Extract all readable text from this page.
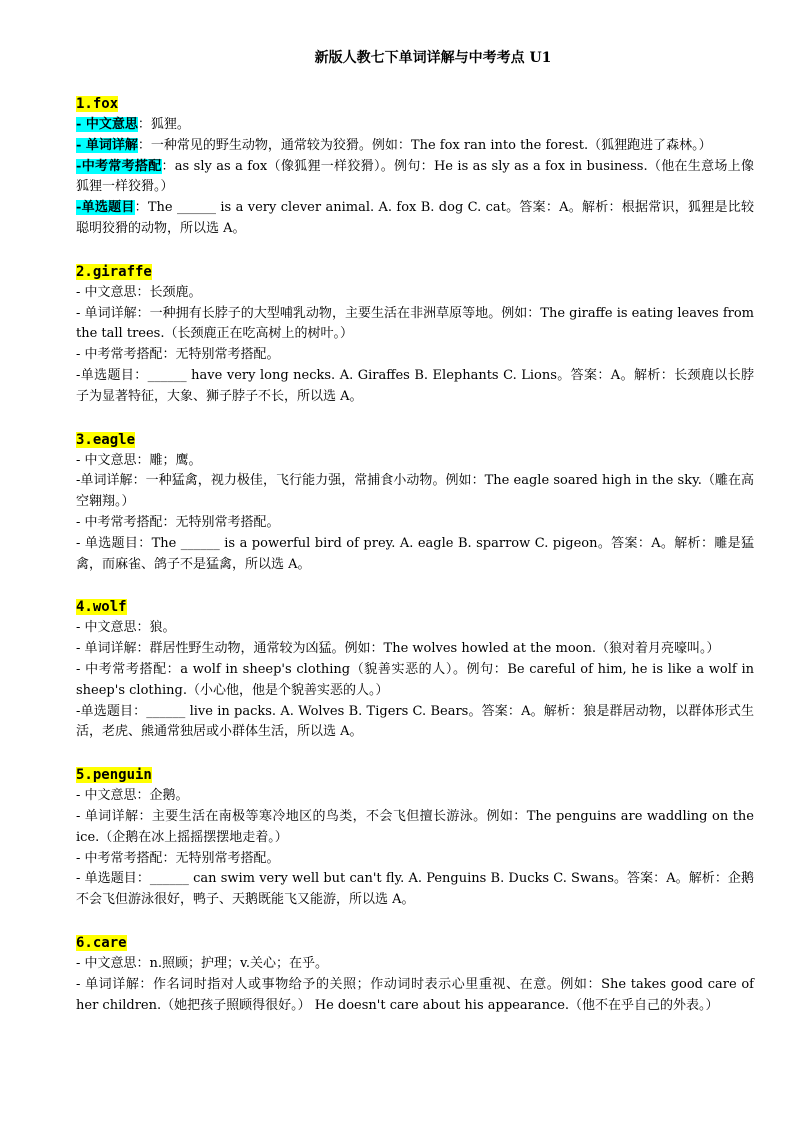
新版人教七下单词详解与中考考点 U1
1.fox

- 中文意思：狐狸。

- 单词详解：一种常见的野生动物，通常较为狡猾。例如：The fox ran into the forest.（狐狸跑进了森林。）

-中考常考搭配：as sly as a fox（像狐狸一样狡猾）。例句：He is as sly as a fox in business.（他在生意场上像狐狸一样狡猾。）

-单选题目：The ______ is a very clever animal. A. fox B. dog C. cat。答案：A。解析：根据常识，狐狸是比较聪明狡猾的动物，所以选 A。

2.giraffe

- 中文意思：长颈鹿。

- 单词详解：一种拥有长脖子的大型哺乳动物，主要生活在非洲草原等地。例如：The giraffe is eating leaves from the tall trees.（长颈鹿正在吃高树上的树叶。）

- 中考常考搭配：无特别常考搭配。

-单选题目：______ have very long necks. A. Giraffes B. Elephants C. Lions。答案：A。解析：长颈鹿以长脖子为显著特征，大象、狮子脖子不长，所以选 A。

3.eagle

- 中文意思：雕；鹰。

-单词详解：一种猛禽，视力极佳，飞行能力强，常捕食小动物。例如：The eagle soared high in the sky.（雕在高空翱翔。）

- 中考常考搭配：无特别常考搭配。

- 单选题目：The ______ is a powerful bird of prey. A. eagle B. sparrow C. pigeon。答案：A。解析：雕是猛禽，而麻雀、鸽子不是猛禽，所以选 A。

4.wolf

- 中文意思：狼。

- 单词详解：群居性野生动物，通常较为凶猛。例如：The wolves howled at the moon.（狼对着月亮嚎叫。）

- 中考常考搭配：a wolf in sheep's clothing（貌善实恶的人）。例句：Be careful of him, he is like a wolf in sheep's clothing.（小心他，他是个貌善实恶的人。）

-单选题目：______ live in packs. A. Wolves B. Tigers C. Bears。答案：A。解析：狼是群居动物，以群体形式生活，老虎、熊通常独居或小群体生活，所以选 A。

5.penguin

- 中文意思：企鹅。

- 单词详解：主要生活在南极等寒冷地区的鸟类，不会飞但擅长游泳。例如：The penguins are waddling on the ice.（企鹅在冰上摇摇摆摆地走着。）

- 中考常考搭配：无特别常考搭配。

- 单选题目：______ can swim very well but can't fly. A. Penguins B. Ducks C. Swans。答案：A。解析：企鹅不会飞但游泳很好，鸭子、天鹅既能飞又能游，所以选 A。

6.care

- 中文意思：n.照顾；护理；v.关心；在乎。

- 单词详解：作名词时指对人或事物给予的关照；作动词时表示心里重视、在意。例如：She takes good care of her children.（她把孩子照顾得很好。） He doesn't care about his appearance.（他不在乎自己的外表。）
